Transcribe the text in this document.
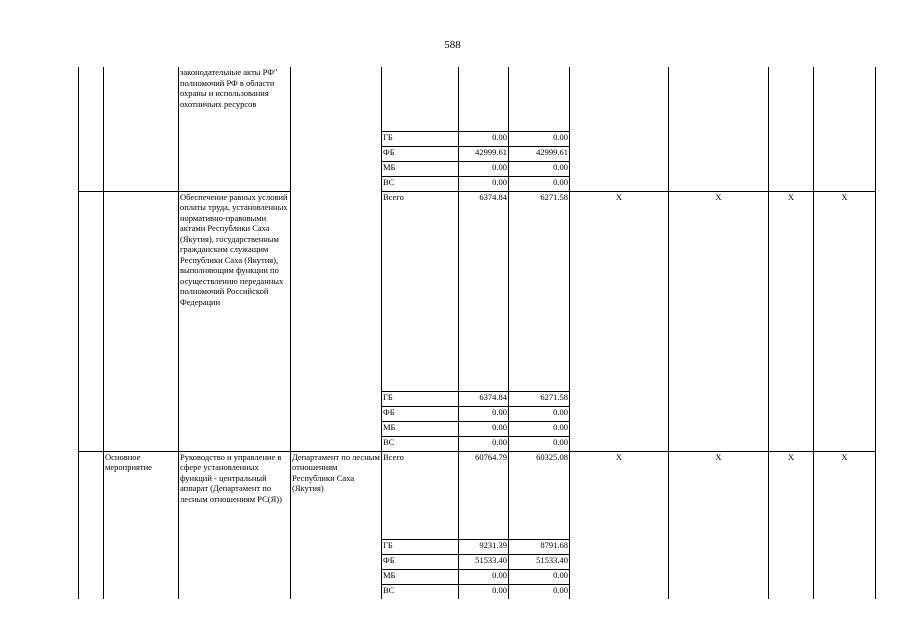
588
		законодательные акты РФ" полномочий РФ в области охраны и использования охотничьих ресурсов								
				ГБ	0.00	0.00				
				ФБ	42999.61	42999.61				
				МБ	0.00	0.00				
				ВС	0.00	0.00				
		Обеспечение равных условий оплаты труда, установленных нормативно-правовыми актами Республики Саха (Якутия), государственным гражданским служащим Республики Саха (Якутия), выполняющим функции по осуществлению переданных полномочий Российской Федерации		Всего	6374.84	6271.58	X	X	X	X
				ГБ	6374.84	6271.58				
				ФБ	0.00	0.00				
				МБ	0.00	0.00				
				ВС	0.00	0.00				
	Основное мероприятие	Руководство и управление в сфере установленных функций - центральный аппарат (Департамент по лесным отношениям РС(Я))	Департамент по лесным отношениям Республики Саха (Якутия)	Всего	60764.79	60325.08	X	X	X	X
				ГБ	9231.39	8791.68				
				ФБ	51533.40	51533.40				
				МБ	0.00	0.00				
				ВС	0.00	0.00				
